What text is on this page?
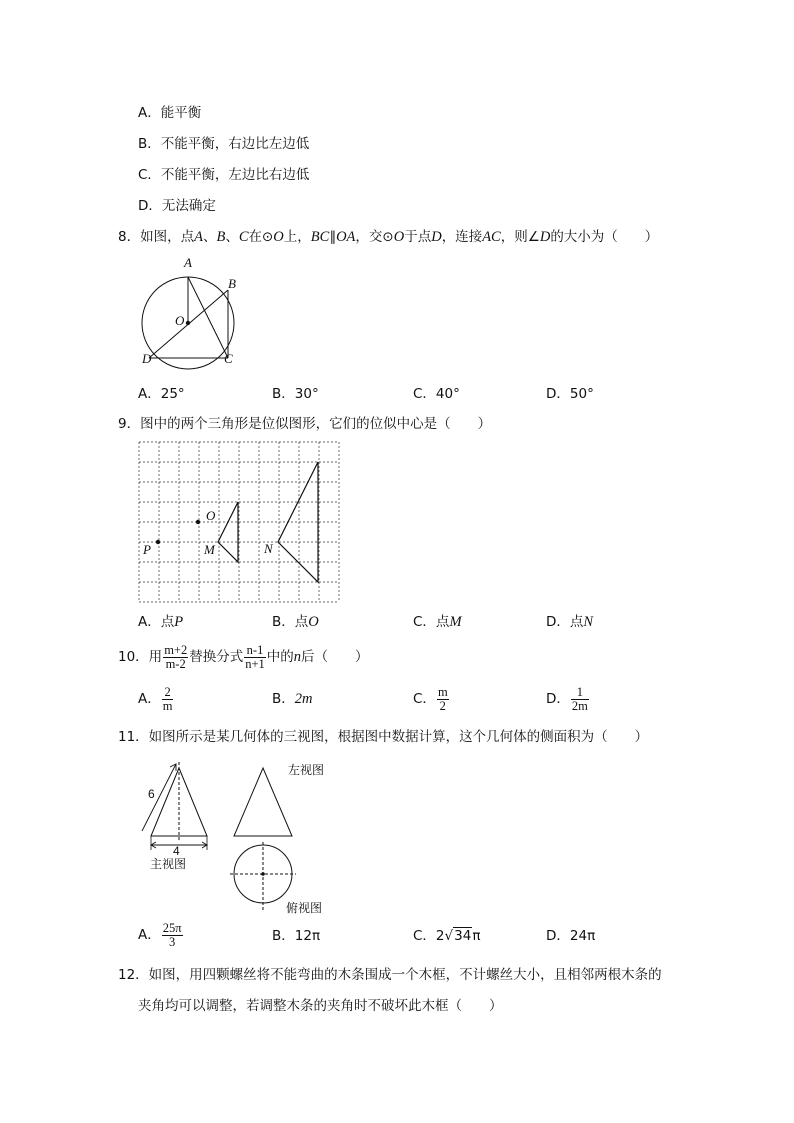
A．能平衡
B．不能平衡，右边比左边低
C．不能平衡，左边比右边低
D．无法确定
8．如图，点A、B、C在⊙O上，BC∥OA，交⊙O于点D，连接AC，则∠D的大小为（　　）
A
B
O
D	C
A．25°	B．30°	C．40°	D．50°
9．图中的两个三角形是位似图形，它们的位似中心是（　　）
O
P	M	N
A．点P	B．点O	C．点M	D．点N
10．用 $\frac{m+2}{m-2}$ 替换分式 $\frac{n-1}{n+1}$ 中的n后（　　）
A． $\frac{2}{m}$	B．2m	C． $\frac{m}{2}$	D． $\frac{1}{2m}$
11．如图所示是某几何体的三视图，根据图中数据计算，这个几何体的侧面积为（　　）
6
4
主视图
左视图
俯视图
A． $\frac{25\pi}{3}$	B．12π	C．2√34π	D．24π
12．如图，用四颗螺丝将不能弯曲的木条围成一个木框，不计螺丝大小，且相邻两根木条的
夹角均可以调整，若调整木条的夹角时不破坏此木框（　　）
